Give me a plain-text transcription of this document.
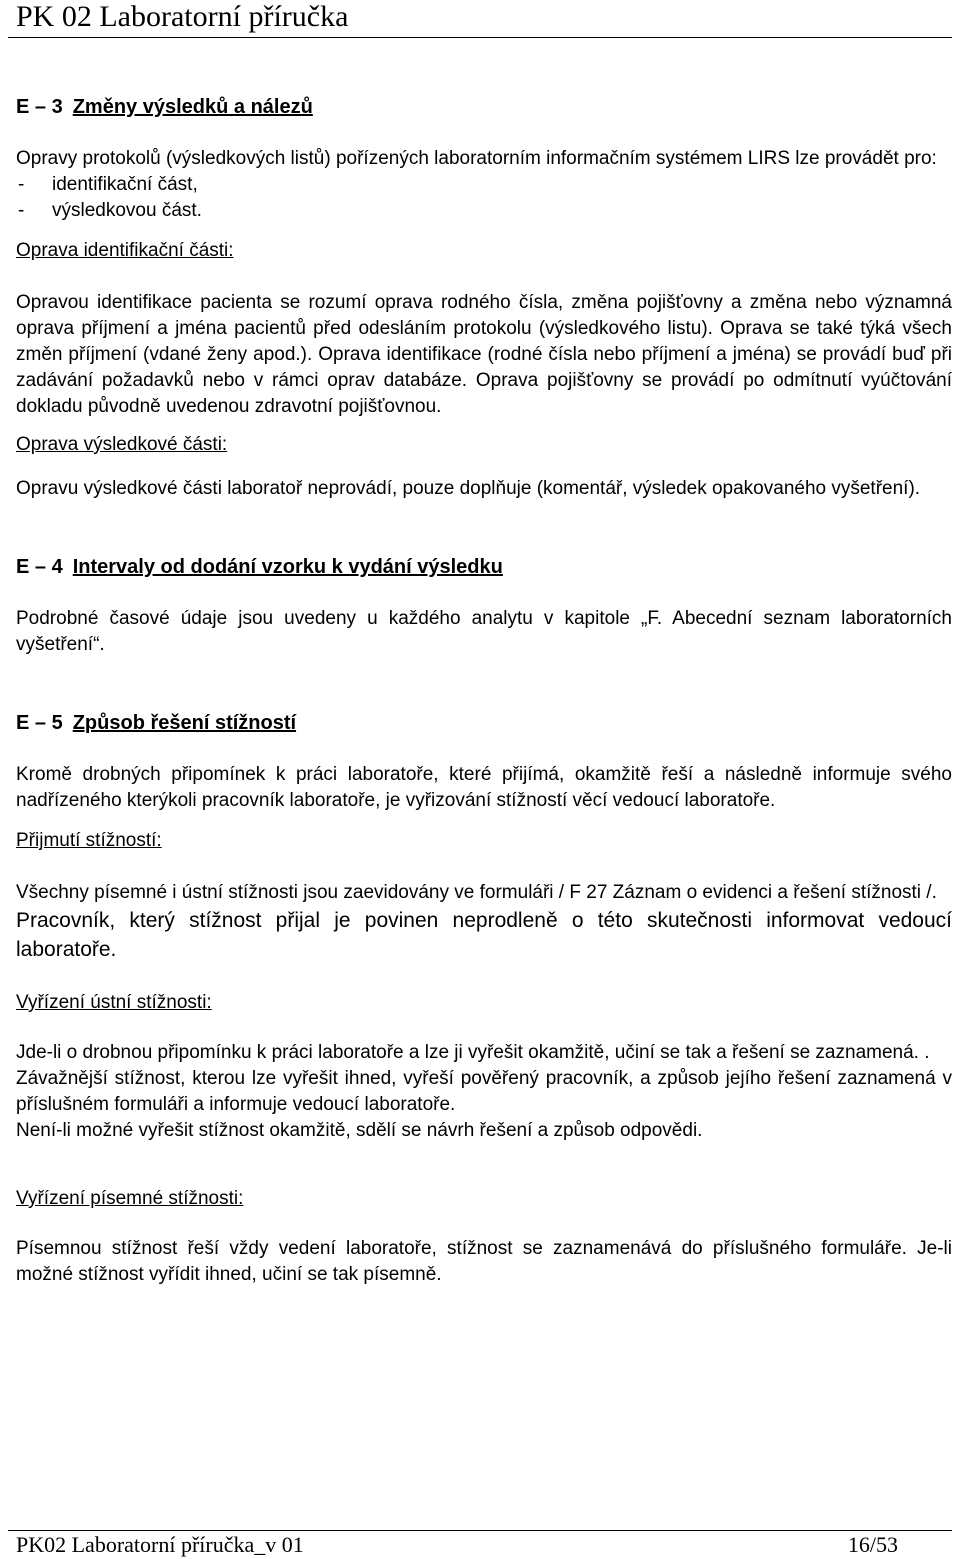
PK 02 Laboratorní příručka

E – 3 Změny výsledků a nálezů

Opravy protokolů (výsledkových listů) pořízených laboratorním informačním systémem LIRS lze provádět pro:

- identifikační část,

- výsledkovou část.

Oprava identifikační části:

Opravou identifikace pacienta se rozumí oprava rodného čísla, změna pojišťovny a změna nebo významná oprava příjmení a jména pacientů před odesláním protokolu (výsledkového listu). Oprava se také týká všech změn příjmení (vdané ženy apod.). Oprava identifikace (rodné čísla nebo příjmení a jména) se provádí buď při zadávání požadavků nebo v rámci oprav databáze. Oprava pojišťovny se provádí po odmítnutí vyúčtování dokladu původně uvedenou zdravotní pojišťovnou.

Oprava výsledkové části:

Opravu výsledkové části laboratoř neprovádí, pouze doplňuje (komentář, výsledek opakovaného vyšetření).

E – 4 Intervaly od dodání vzorku k vydání výsledku

Podrobné časové údaje jsou uvedeny u každého analytu v kapitole „F. Abecední seznam laboratorních vyšetření“.

E – 5 Způsob řešení stížností

Kromě drobných připomínek k práci laboratoře, které přijímá, okamžitě řeší a následně informuje svého nadřízeného kterýkoli pracovník laboratoře, je vyřizování stížností věcí vedoucí laboratoře.

Přijmutí stížností:

Všechny písemné i ústní stížnosti jsou zaevidovány ve formuláři / F 27 Záznam o evidenci a řešení stížnosti /.

Pracovník, který stížnost přijal je povinen neprodleně o této skutečnosti informovat vedoucí laboratoře.

Vyřízení ústní stížnosti:

Jde-li o drobnou připomínku k práci laboratoře a lze ji vyřešit okamžitě, učiní se tak a řešení se zaznamená. .

Závažnější stížnost, kterou lze vyřešit ihned, vyřeší pověřený pracovník, a způsob jejího řešení zaznamená v příslušném formuláři a informuje vedoucí laboratoře.

Není-li možné vyřešit stížnost okamžitě, sdělí se návrh řešení a způsob odpovědi.

Vyřízení písemné stížnosti:

Písemnou stížnost řeší vždy vedení laboratoře, stížnost se zaznamenává do příslušného formuláře. Je-li možné stížnost vyřídit ihned, učiní se tak písemně.

PK02 Laboratorní příručka_v 01	16/53
